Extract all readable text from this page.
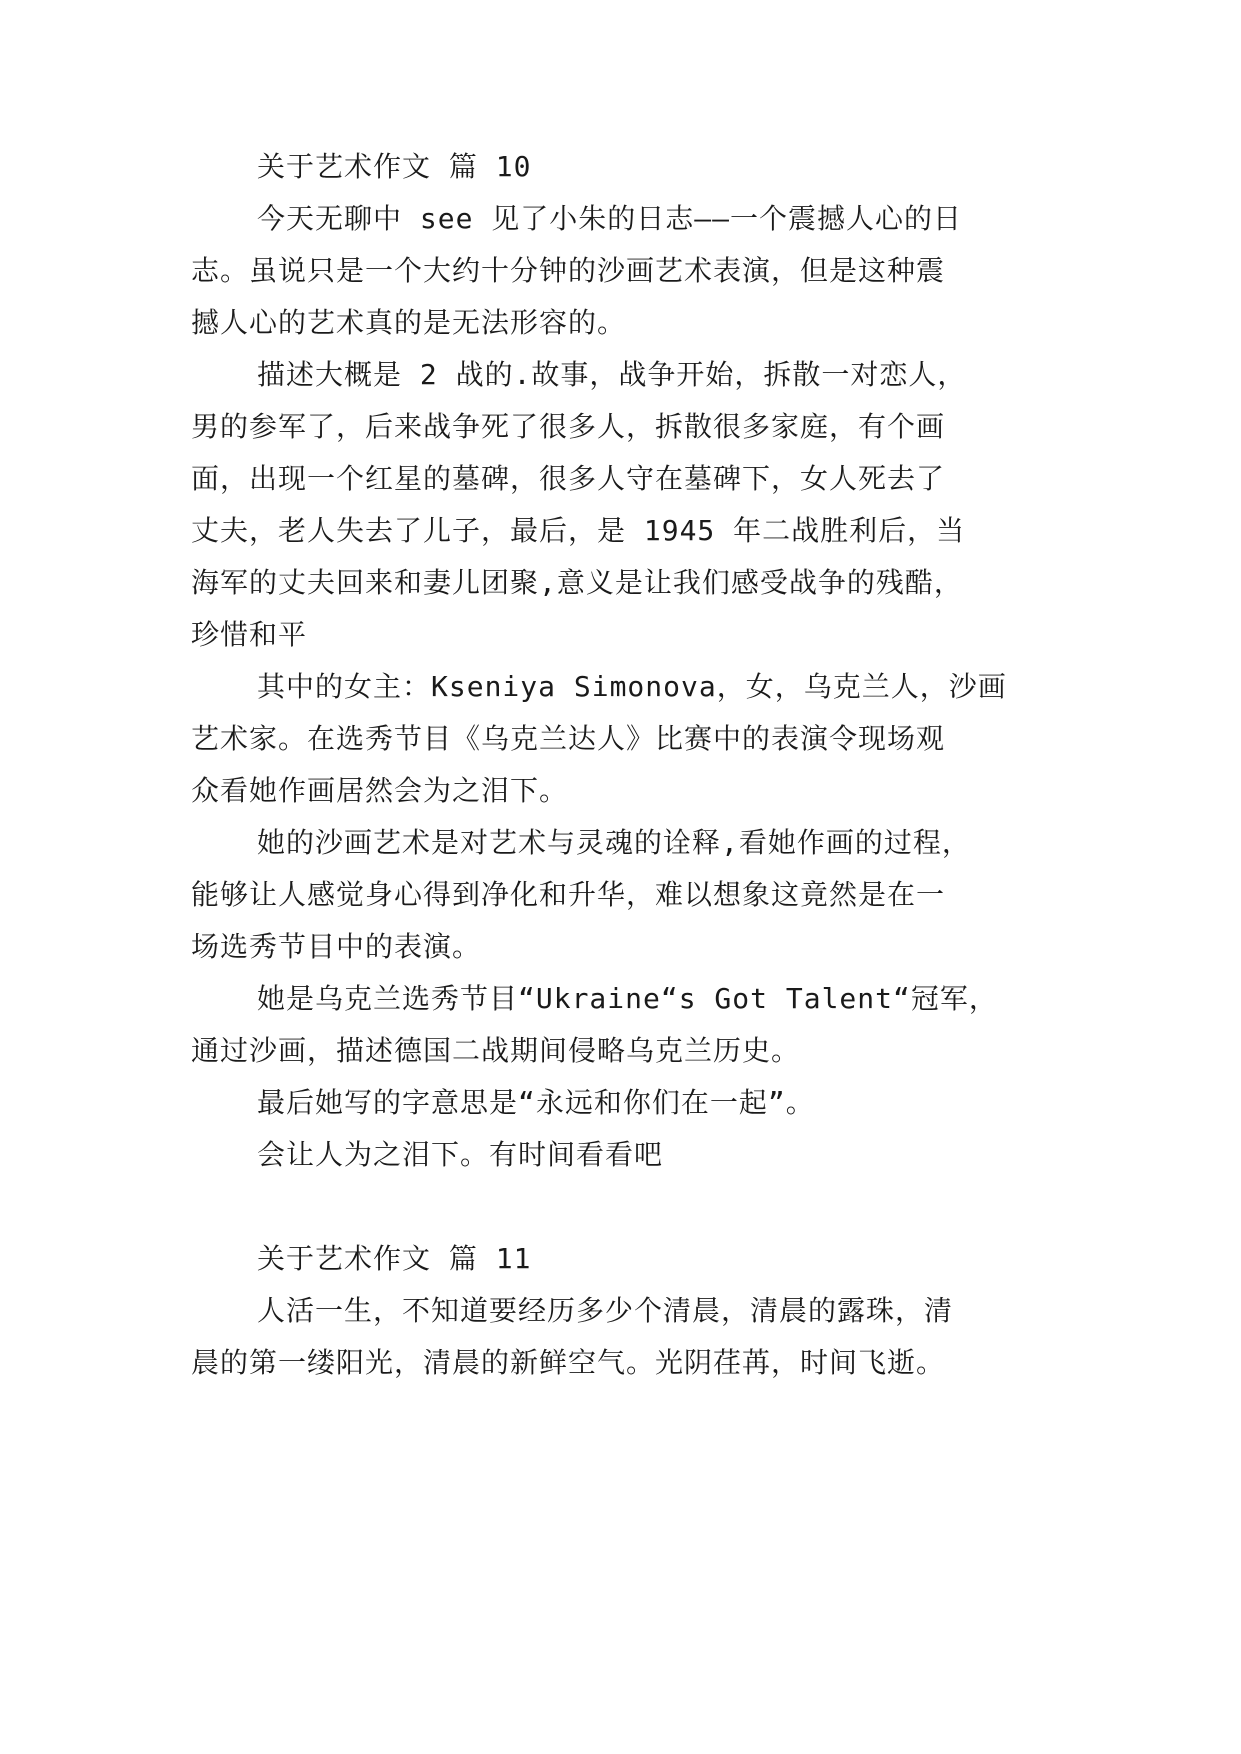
关于艺术作文 篇 10
今天无聊中 see 见了小朱的日志——一个震撼人心的日
志。虽说只是一个大约十分钟的沙画艺术表演，但是这种震
撼人心的艺术真的是无法形容的。
描述大概是 2 战的.故事，战争开始，拆散一对恋人，
男的参军了，后来战争死了很多人，拆散很多家庭，有个画
面，出现一个红星的墓碑，很多人守在墓碑下，女人死去了
丈夫，老人失去了儿子，最后，是 1945 年二战胜利后，当
海军的丈夫回来和妻儿团聚,意义是让我们感受战争的残酷，
珍惜和平
其中的女主：Kseniya Simonova，女，乌克兰人，沙画
艺术家。在选秀节目《乌克兰达人》比赛中的表演令现场观
众看她作画居然会为之泪下。
她的沙画艺术是对艺术与灵魂的诠释,看她作画的过程，
能够让人感觉身心得到净化和升华，难以想象这竟然是在一
场选秀节目中的表演。
她是乌克兰选秀节目“Ukraine“s Got Talent“冠军，
通过沙画，描述德国二战期间侵略乌克兰历史。
最后她写的字意思是“永远和你们在一起”。
会让人为之泪下。有时间看看吧
关于艺术作文 篇 11
人活一生，不知道要经历多少个清晨，清晨的露珠，清
晨的第一缕阳光，清晨的新鲜空气。光阴荏苒，时间飞逝。
